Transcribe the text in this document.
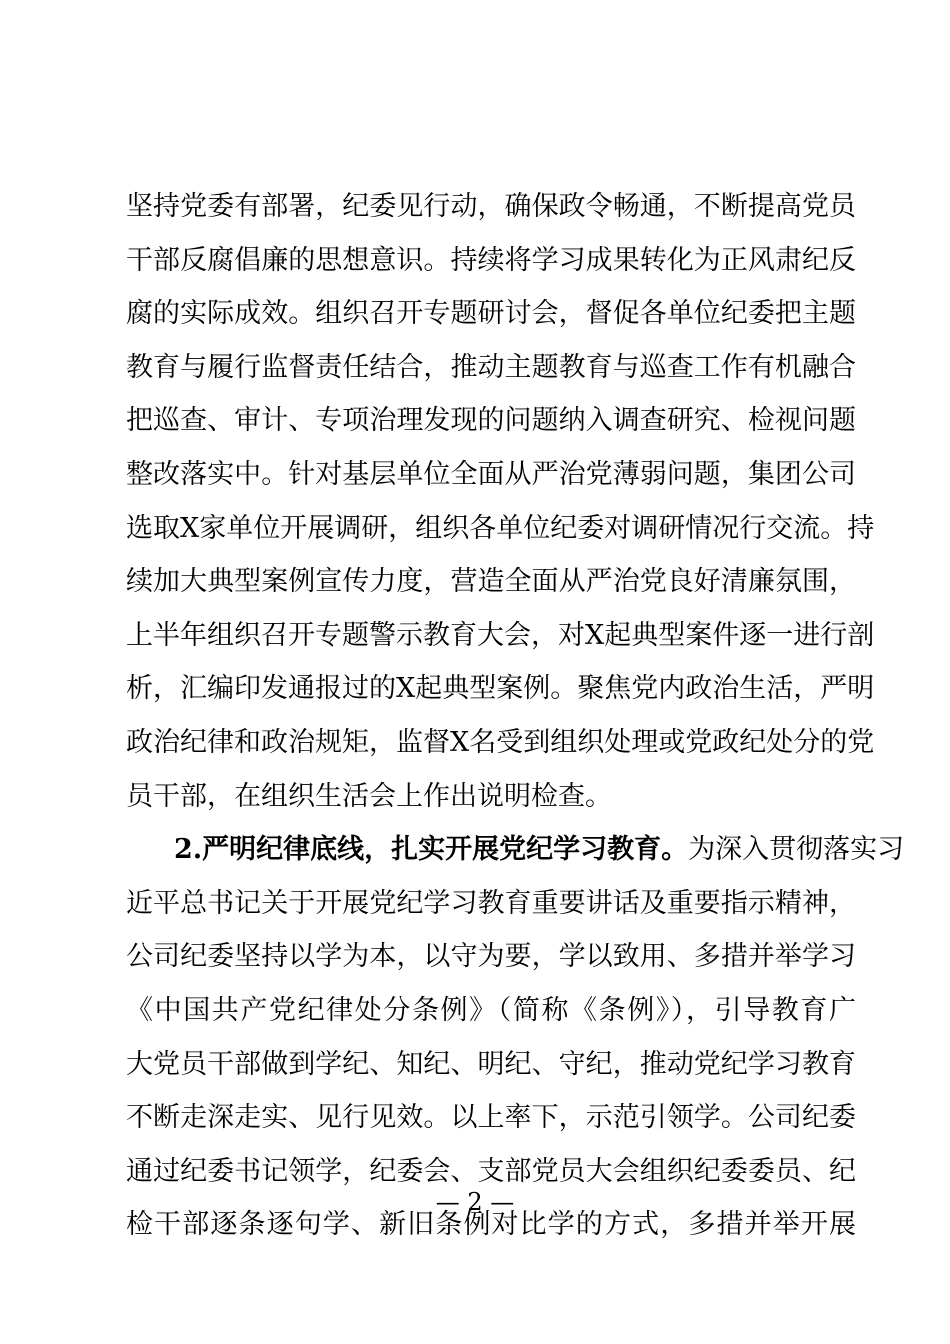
坚持党委有部署，纪委见行动，确保政令畅通，不断提高党员
干部反腐倡廉的思想意识。持续将学习成果转化为正风肃纪反
腐的实际成效。组织召开专题研讨会，督促各单位纪委把主题
教育与履行监督责任结合，推动主题教育与巡查工作有机融合
把巡查、审计、专项治理发现的问题纳入调查研究、检视问题
整改落实中。针对基层单位全面从严治党薄弱问题，集团公司
选取X家单位开展调研，组织各单位纪委对调研情况行交流。持
续加大典型案例宣传力度，营造全面从严治党良好清廉氛围，
上半年组织召开专题警示教育大会，对X起典型案件逐一进行剖
析，汇编印发通报过的X起典型案例。聚焦党内政治生活，严明
政治纪律和政治规矩，监督X名受到组织处理或党政纪处分的党
员干部，在组织生活会上作出说明检查。
2.严明纪律底线，扎实开展党纪学习教育。为深入贯彻落实习
近平总书记关于开展党纪学习教育重要讲话及重要指示精神，
公司纪委坚持以学为本，以守为要，学以致用、多措并举学习
《中国共产党纪律处分条例》（简称《条例》），引导教育广
大党员干部做到学纪、知纪、明纪、守纪，推动党纪学习教育
不断走深走实、见行见效。以上率下，示范引领学。公司纪委
通过纪委书记领学，纪委会、支部党员大会组织纪委委员、纪
检干部逐条逐句学、新旧条例对比学的方式，多措并举开展
— 2 —
